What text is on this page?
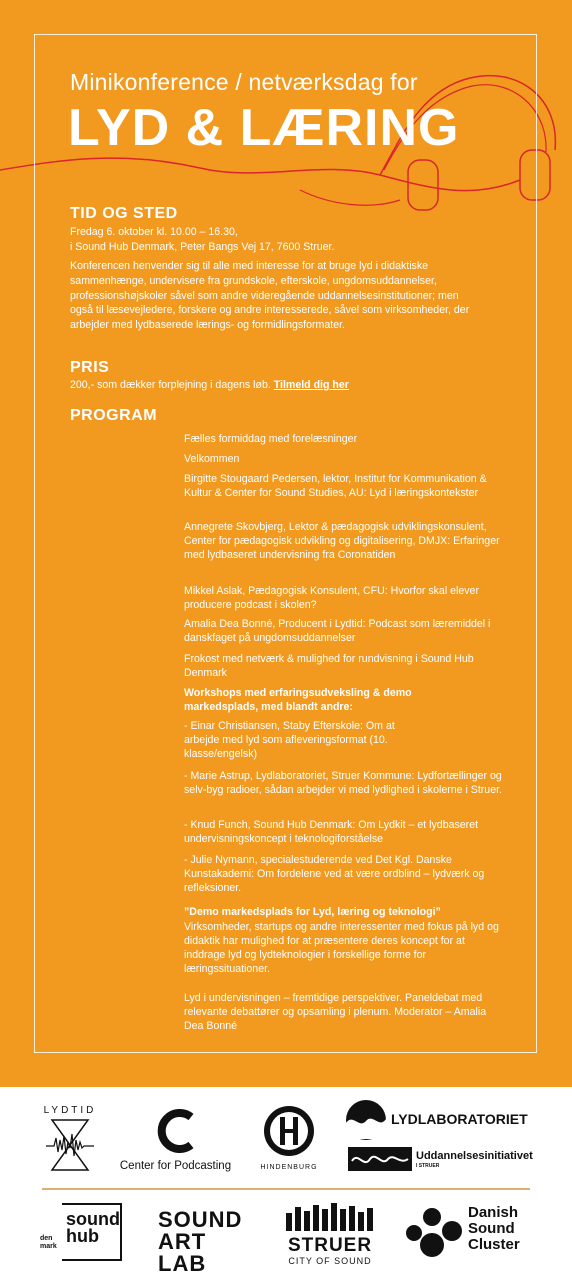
Minikonference / netværksdag for
LYD & LÆRING
TID OG STED
Fredag 6. oktober kl. 10.00 – 16.30,
i Sound Hub Denmark, Peter Bangs Vej 17, 7600 Struer.
Konferencen henvender sig til alle med interesse for at bruge lyd i didaktiske sammenhænge, undervisere fra grundskole, efterskole, ungdomsuddannelser, professionshøjskoler såvel som andre videregående uddannelsesinstitutioner; men også til læsevejledere, forskere og andre interesserede, såvel som virksomheder, der arbejder med lydbaserede lærings- og formidlingsformater.
PRIS
200,- som dækker forplejning i dagens løb. Tilmeld dig her
PROGRAM
Fælles formiddag med forelæsninger
Velkommen
Birgitte Stougaard Pedersen, lektor, Institut for Kommunikation & Kultur & Center for Sound Studies, AU: Lyd i læringskontekster
Annegrete Skovbjerg, Lektor & pædagogisk udviklingskonsulent, Center for pædagogisk udvikling og digitalisering, DMJX: Erfaringer med lydbaseret undervisning fra Coronatiden
Mikkel Aslak, Pædagogisk Konsulent, CFU: Hvorfor skal elever producere podcast i skolen?
Amalia Dea Bonné, Producent i Lydtid: Podcast som læremiddel i danskfaget på ungdomsuddannelser
Frokost med netværk & mulighed for rundvisning i Sound Hub Denmark
Workshops med erfaringsudveksling & demo markedsplads, med blandt andre:
- Einar Christiansen, Staby Efterskole: Om at arbejde med lyd som afleveringsformat (10. klasse/engelsk)
- Marie Astrup, Lydlaboratoriet, Struer Kommune: Lydfortællinger og selv-byg radioer, sådan arbejder vi med lydlighed i skolerne i Struer.
- Knud Funch, Sound Hub Denmark: Om Lydkit – et lydbaseret undervisningskoncept i teknologiforståelse
- Julie Nymann, specialestuderende ved Det Kgl. Danske Kunstakademi: Om fordelene ved at være ordblind – lydværk og refleksioner.
”Demo markedsplads for Lyd, læring og teknologi”
Virksomheder, startups og andre interessenter med fokus på lyd og didaktik har mulighed for at præsentere deres koncept for at inddrage lyd og lydteknologier i forskellige forme for læringssituationer.
Lyd i undervisningen – fremtidige perspektiver. Paneldebat med relevante debattører og opsamling i plenum. Moderator – Amalia Dea Bonné
LYDTID
Center for Podcasting	HINDENBURG
LYDLABORATORIET
Uddannelsesinitiativet
I STRUER
sound hub
den mark
SOUND ART LAB
STRUER
CITY OF SOUND
Danish Sound Cluster
